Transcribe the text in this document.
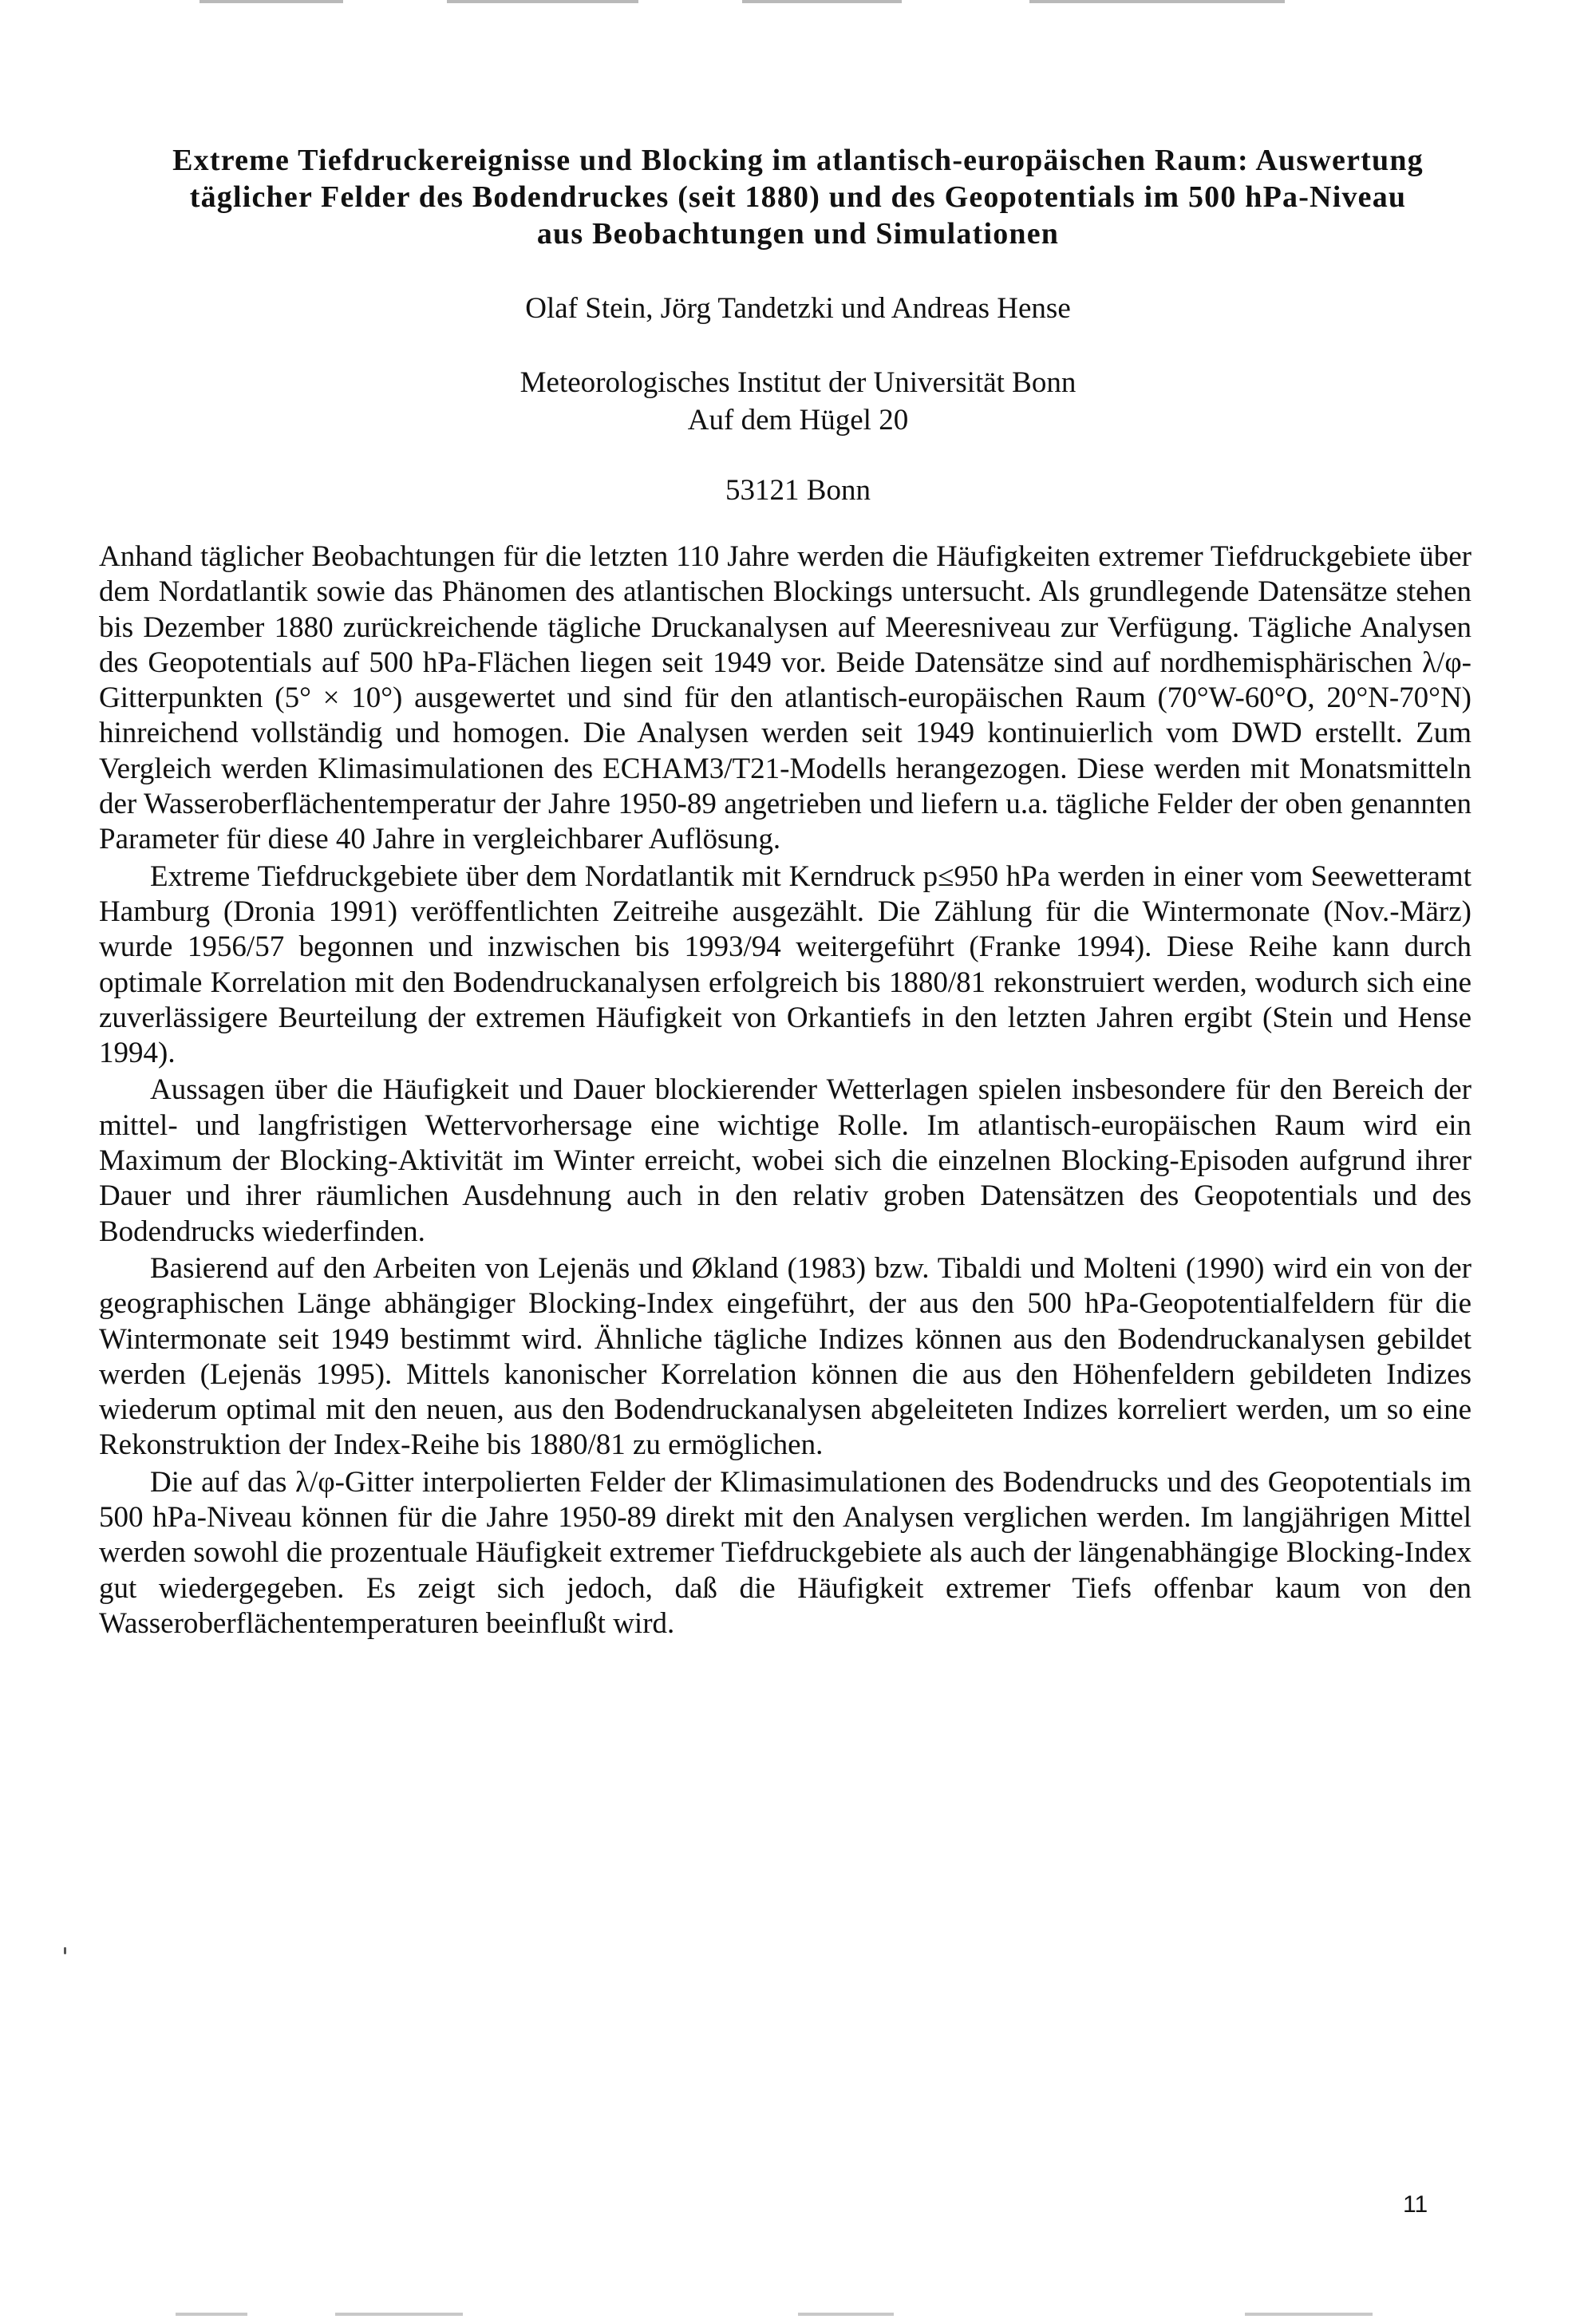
Extreme Tiefdruckereignisse und Blocking im atlantisch-europäischen Raum: Auswertung
täglicher Felder des Bodendruckes (seit 1880) und des Geopotentials im 500 hPa-Niveau
aus Beobachtungen und Simulationen
Olaf Stein, Jörg Tandetzki und Andreas Hense
Meteorologisches Institut der Universität Bonn
Auf dem Hügel 20
53121 Bonn

Anhand täglicher Beobachtungen für die letzten 110 Jahre werden die Häufigkeiten extremer Tiefdruckgebiete über dem Nordatlantik sowie das Phänomen des atlantischen Blockings untersucht. Als grundlegende Datensätze stehen bis Dezember 1880 zurückreichende tägliche Druckanalysen auf Meeresniveau zur Verfügung. Tägliche Analysen des Geopotentials auf 500 hPa-Flächen liegen seit 1949 vor. Beide Datensätze sind auf nordhemisphärischen λ/φ-Gitterpunkten (5° × 10°) ausgewertet und sind für den atlantisch-europäischen Raum (70°W-60°O, 20°N-70°N) hinreichend vollständig und homogen. Die Analysen werden seit 1949 kontinuierlich vom DWD erstellt. Zum Vergleich werden Klimasimulationen des ECHAM3/T21-Modells herangezogen. Diese werden mit Monatsmitteln der Wasseroberflächentemperatur der Jahre 1950-89 angetrieben und liefern u.a. tägliche Felder der oben genannten Parameter für diese 40 Jahre in vergleichbarer Auflösung.

Extreme Tiefdruckgebiete über dem Nordatlantik mit Kerndruck p≤950 hPa werden in einer vom Seewetteramt Hamburg (Dronia 1991) veröffentlichten Zeitreihe ausgezählt. Die Zählung für die Wintermonate (Nov.-März) wurde 1956/57 begonnen und inzwischen bis 1993/94 weitergeführt (Franke 1994). Diese Reihe kann durch optimale Korrelation mit den Bodendruckanalysen erfolgreich bis 1880/81 rekonstruiert werden, wodurch sich eine zuverlässigere Beurteilung der extremen Häufigkeit von Orkantiefs in den letzten Jahren ergibt (Stein und Hense 1994).

Aussagen über die Häufigkeit und Dauer blockierender Wetterlagen spielen insbesondere für den Bereich der mittel- und langfristigen Wettervorhersage eine wichtige Rolle. Im atlantisch-europäischen Raum wird ein Maximum der Blocking-Aktivität im Winter erreicht, wobei sich die einzelnen Blocking-Episoden aufgrund ihrer Dauer und ihrer räumlichen Ausdehnung auch in den relativ groben Datensätzen des Geopotentials und des Bodendrucks wiederfinden.

Basierend auf den Arbeiten von Lejenäs und Økland (1983) bzw. Tibaldi und Molteni (1990) wird ein von der geographischen Länge abhängiger Blocking-Index eingeführt, der aus den 500 hPa-Geopotentialfeldern für die Wintermonate seit 1949 bestimmt wird. Ähnliche tägliche Indizes können aus den Bodendruckanalysen gebildet werden (Lejenäs 1995). Mittels kanonischer Korrelation können die aus den Höhenfeldern gebildeten Indizes wiederum optimal mit den neuen, aus den Bodendruckanalysen abgeleiteten Indizes korreliert werden, um so eine Rekonstruktion der Index-Reihe bis 1880/81 zu ermöglichen.

Die auf das λ/φ-Gitter interpolierten Felder der Klimasimulationen des Bodendrucks und des Geopotentials im 500 hPa-Niveau können für die Jahre 1950-89 direkt mit den Analysen verglichen werden. Im langjährigen Mittel werden sowohl die prozentuale Häufigkeit extremer Tiefdruckgebiete als auch der längenabhängige Blocking-Index gut wiedergegeben. Es zeigt sich jedoch, daß die Häufigkeit extremer Tiefs offenbar kaum von den Wasseroberflächentemperaturen beeinflußt wird.

11
